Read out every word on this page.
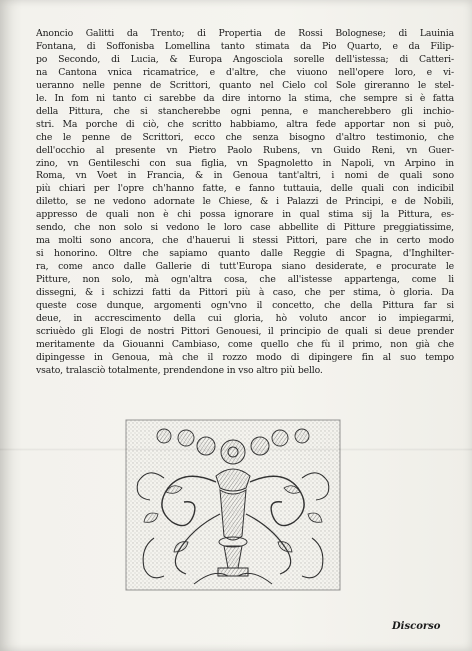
Anoncio Galitti da Trento; di Propertia de Rossi Bolognese; di Lauinia
Fontana, di Soffonisba Lomellina tanto stimata da Pio Quarto, e da Filip-
po Secondo, di Lucia, & Europa Angosciola sorelle dell'istessa; di Catteri-
na Cantona vnica ricamatrice, e d'altre, che viuono nell'opere loro, e vi-
ueranno nelle penne de Scrittori, quanto nel Cielo col Sole gireranno le stel-
le. In fom ni tanto ci sarebbe da dire intorno la stima, che sempre si è fatta
della Pittura, che si stancherebbe ogni penna, e mancherebbero gli inchio-
stri. Ma porche di ciò, che scritto habbiamo, altra fede apportar non si può,
che le penne de Scrittori, ecco che senza bisogno d'altro testimonio, che
dell'occhio al presente vn Pietro Paolo Rubens, vn Guido Reni, vn Guer-
zino, vn Gentileschi con sua figlia, vn Spagnoletto in Napoli, vn Arpino in
Roma, vn Voet in Francia, & in Genoua tant'altri, i nomi de quali sono
più chiari per l'opre ch'hanno fatte, e fanno tuttauia, delle quali con indicibil
diletto, se ne vedono adornate le Chiese, & i Palazzi de Principi, e de Nobili,
appresso de quali non è chi possa ignorare in qual stima sij la Pittura, es-
sendo, che non solo si vedono le loro case abbellite di Pitture preggiatissime,
ma molti sono ancora, che d'hauerui li stessi Pittori, pare che in certo modo
si honorino. Oltre che sapiamo quanto dalle Reggie di Spagna, d'Inghilter-
ra, come anco dalle Gallerie di tutt'Europa siano desiderate, e procurate le
Pitture, non solo, mà ogn'altra cosa, che all'istesse appartenga, come li
dissegni, & i schizzi fatti da Pittori più à caso, che per stima, ò gloria. Da
queste cose dunque, argomenti ogn'vno il concetto, che della Pittura far si
deue, in accrescimento della cui gloria, hò voluto ancor io impiegarmi,
scriuèdo gli Elogi de nostri Pittori Genouesi, il principio de quali si deue prender
meritamente da Giouanni Cambiaso, come quello che fù il primo, non già che
dipingesse in Genoua, mà che il rozzo modo di dipingere fin al suo tempo
vsato, tralasciò totalmente, prendendone in vso altro più bello.
Discorso
